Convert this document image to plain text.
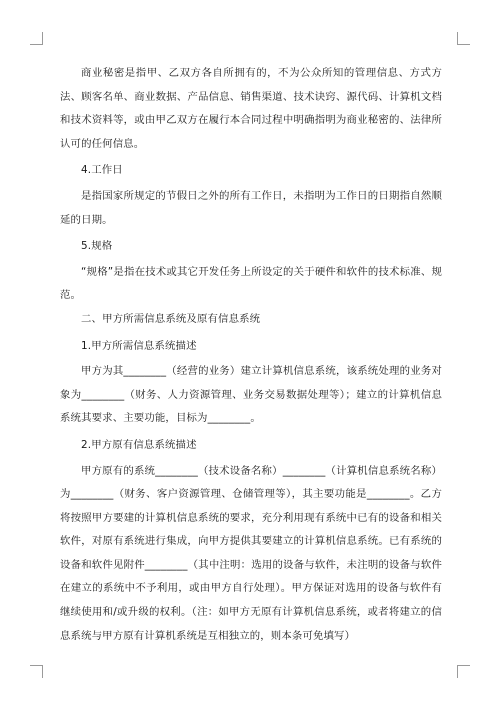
商业秘密是指甲、乙双方各自所拥有的，不为公众所知的管理信息、方式方法、顾客名单、商业数据、产品信息、销售渠道、技术诀窍、源代码、计算机文档和技术资料等，或由甲乙双方在履行本合同过程中明确指明为商业秘密的、法律所认可的任何信息。

4.工作日

是指国家所规定的节假日之外的所有工作日，未指明为工作日的日期指自然顺延的日期。

5.规格

“规格”是指在技术或其它开发任务上所设定的关于硬件和软件的技术标准、规范。

二、甲方所需信息系统及原有信息系统

1.甲方所需信息系统描述

甲方为其________（经营的业务）建立计算机信息系统，该系统处理的业务对象为________（财务、人力资源管理、业务交易数据处理等）；建立的计算机信息系统其要求、主要功能，目标为________。

2.甲方原有信息系统描述

甲方原有的系统________（技术设备名称）________（计算机信息系统名称）为________（财务、客户资源管理、仓储管理等），其主要功能是________。乙方将按照甲方要建的计算机信息系统的要求，充分利用现有系统中已有的设备和相关软件，对原有系统进行集成，向甲方提供其要建立的计算机信息系统。已有系统的设备和软件见附件________（其中注明：选用的设备与软件，未注明的设备与软件在建立的系统中不予利用，或由甲方自行处理）。甲方保证对选用的设备与软件有继续使用和/或升级的权利。（注：如甲方无原有计算机信息系统，或者将建立的信息系统与甲方原有计算机系统是互相独立的，则本条可免填写）
